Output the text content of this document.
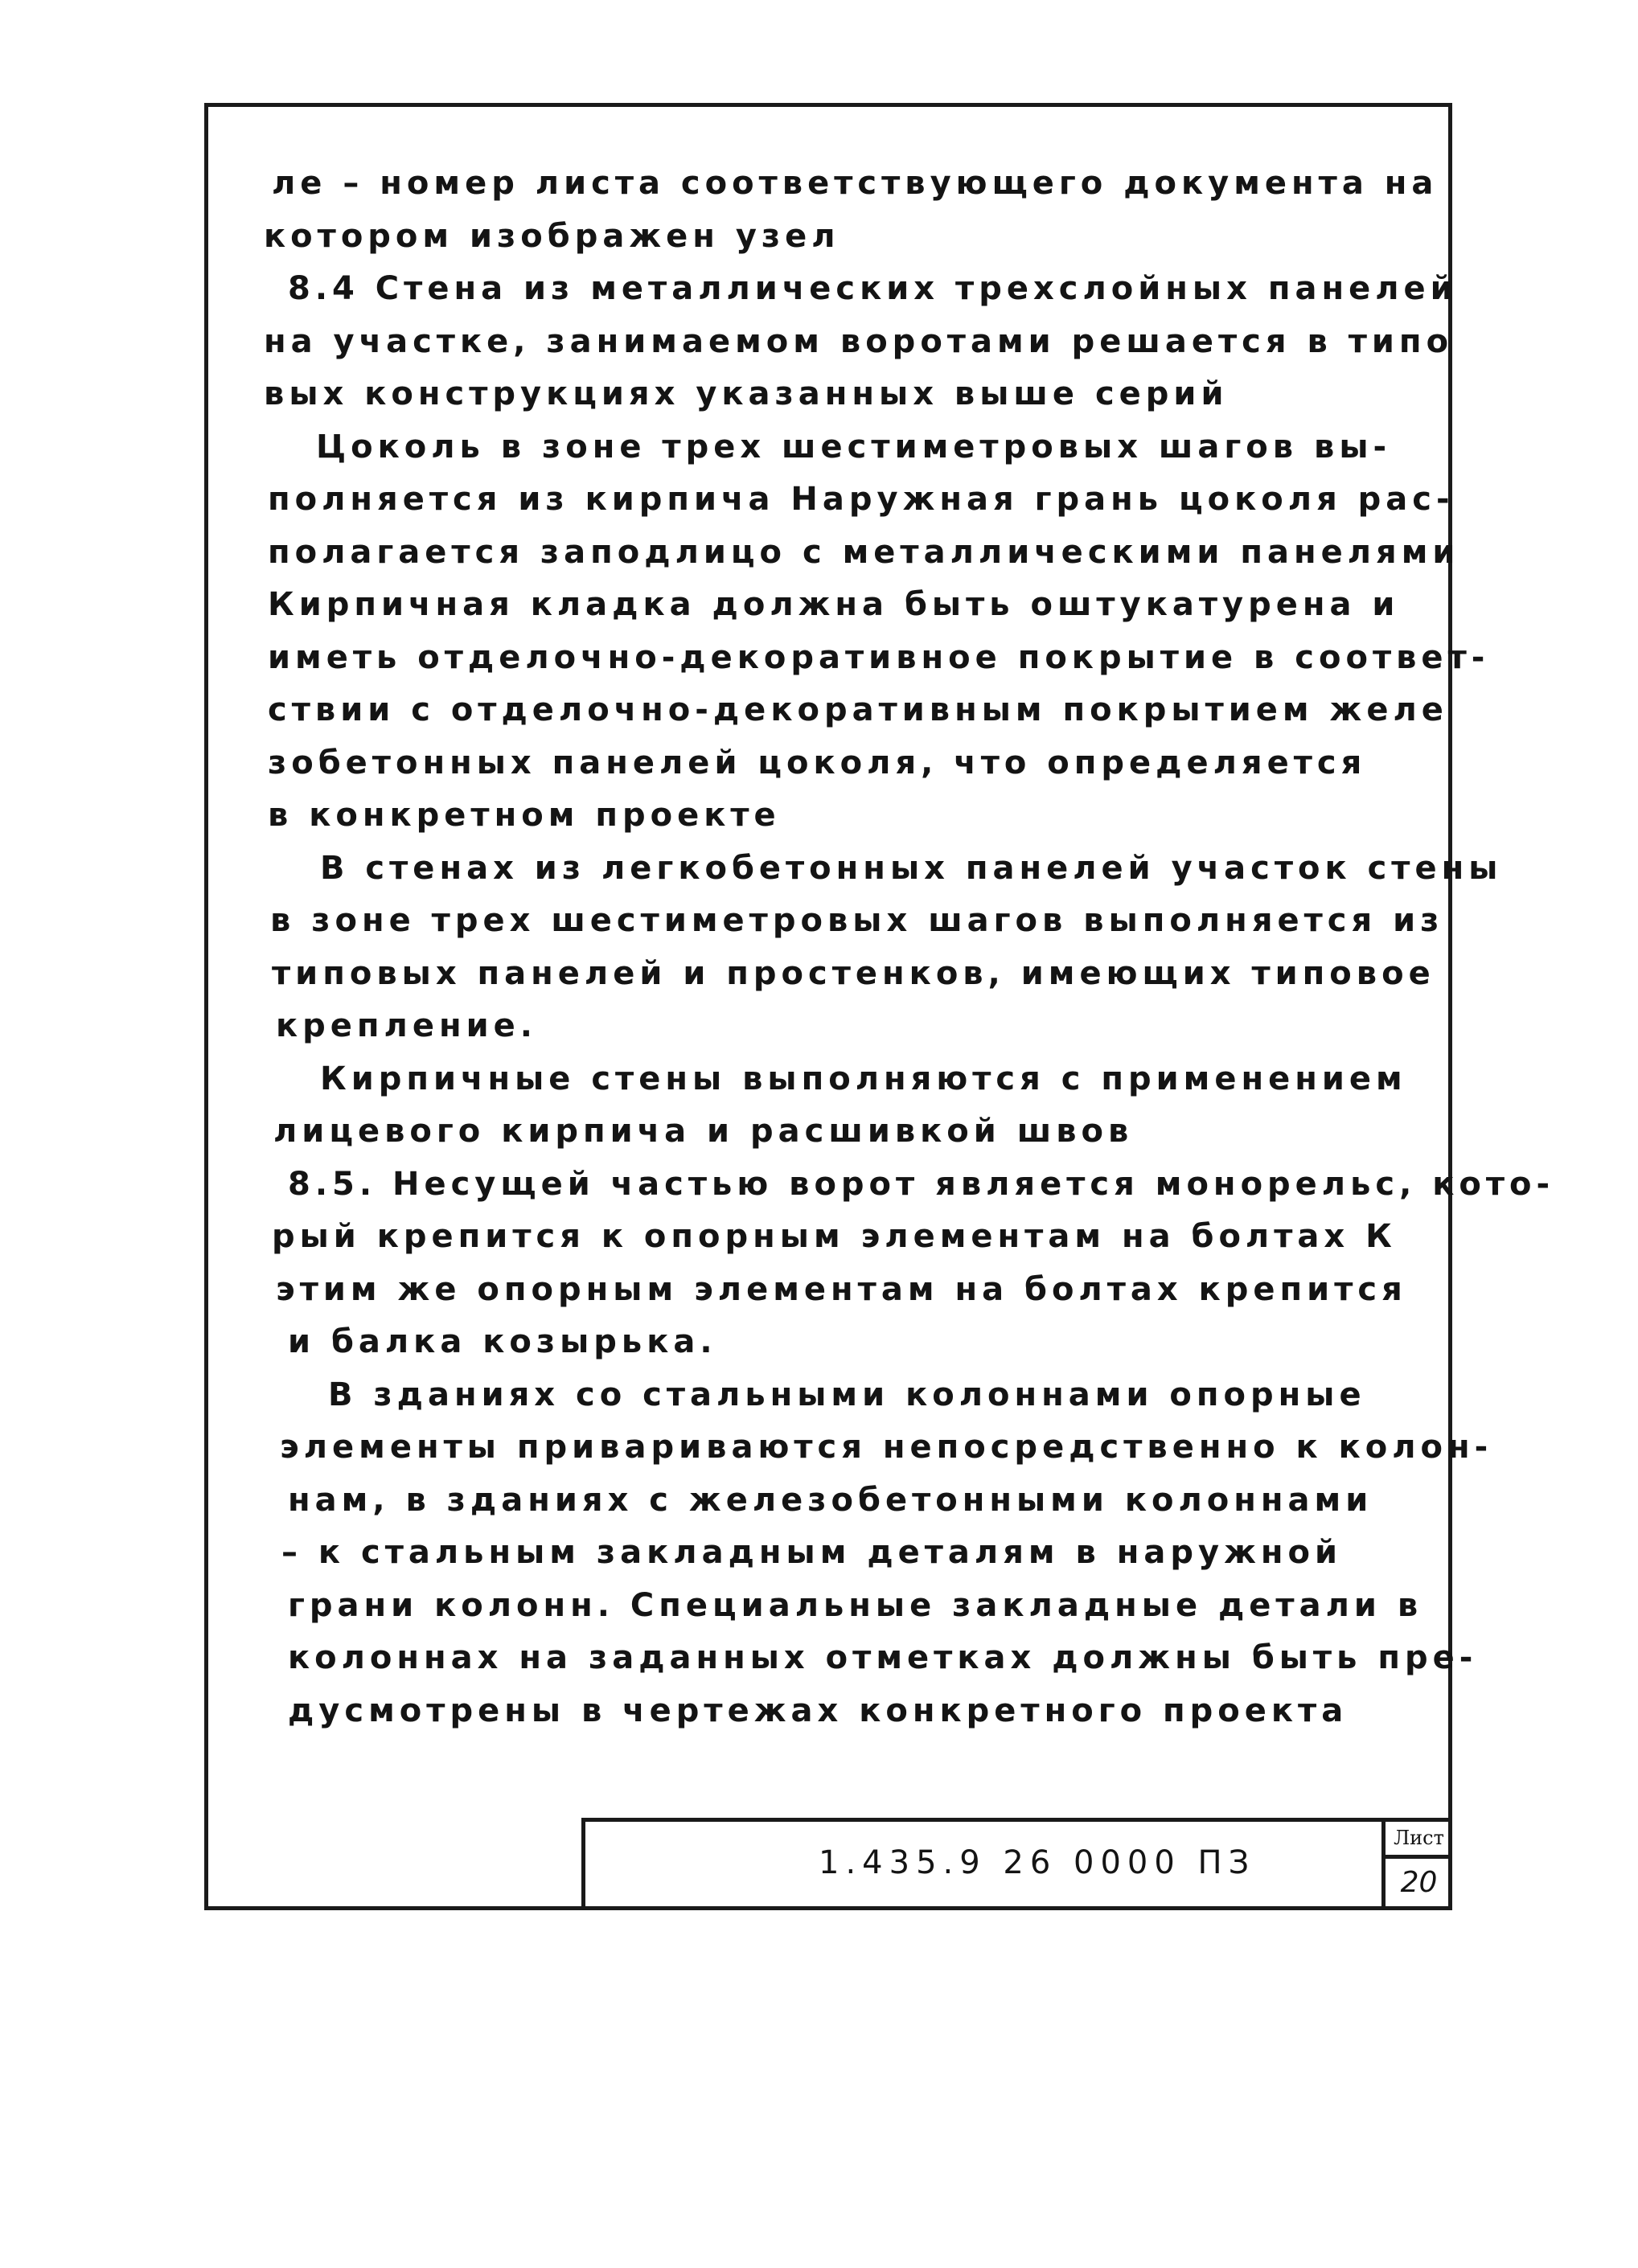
ле – номер листа соответствующего документа на
котором изображен узел
8.4 Стена из металлических трехслойных панелей
на участке, занимаемом воротами решается в типо
вых конструкциях указанных выше серий
Цоколь в зоне трех шестиметровых шагов вы-
полняется из кирпича Наружная грань цоколя рас-
полагается заподлицо с металлическими панелями
Кирпичная кладка должна быть оштукатурена и
иметь отделочно-декоративное покрытие в соответ-
ствии с отделочно-декоративным покрытием желе
зобетонных панелей цоколя, что определяется
в конкретном проекте
В стенах из легкобетонных панелей участок стены
в зоне трех шестиметровых шагов выполняется из
типовых панелей и простенков, имеющих типовое
крепление.
Кирпичные стены выполняются с применением
лицевого кирпича и расшивкой швов
8.5. Несущей частью ворот является монорельс, кото-
рый крепится к опорным элементам на болтах К
этим же опорным элементам на болтах крепится
и балка козырька.
В зданиях со стальными колоннами опорные
элементы привариваются непосредственно к колон-
нам, в зданиях с железобетонными колоннами
– к стальным закладным деталям в наружной
грани колонн. Специальные закладные детали в
колоннах на заданных отметках должны быть пре-
дусмотрены в чертежах конкретного проекта
1.435.9 26 0000 ПЗ
Лист
20
